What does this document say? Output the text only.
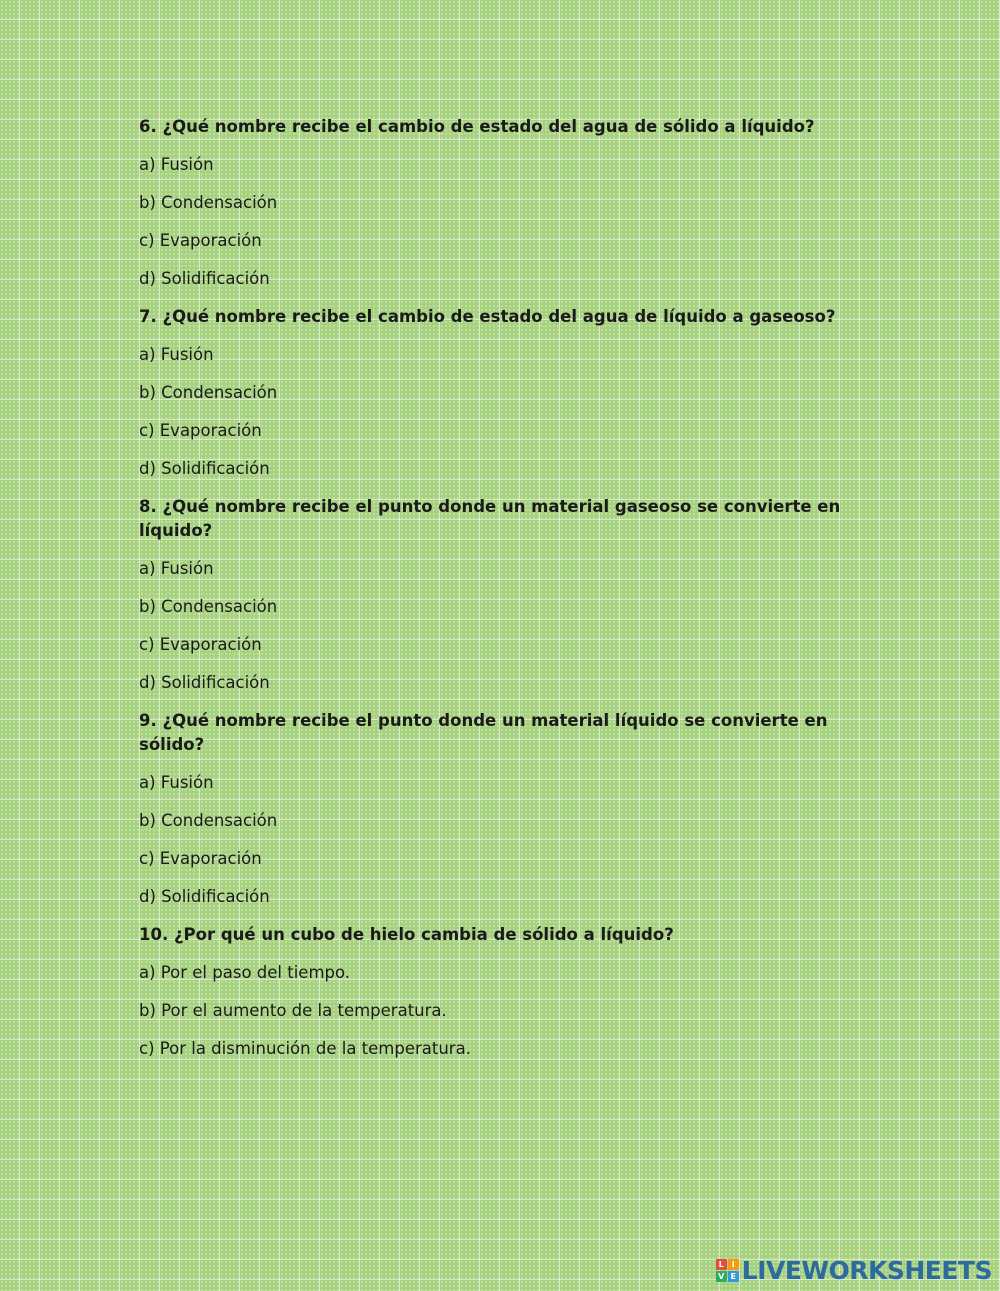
6. ¿Qué nombre recibe el cambio de estado del agua de sólido a líquido?
a) Fusión
b) Condensación
c) Evaporación
d) Solidificación
7. ¿Qué nombre recibe el cambio de estado del agua de líquido a gaseoso?
a) Fusión
b) Condensación
c) Evaporación
d) Solidificación
8. ¿Qué nombre recibe el punto donde un material gaseoso se convierte en líquido?
a) Fusión
b) Condensación
c) Evaporación
d) Solidificación
9. ¿Qué nombre recibe el punto donde un material líquido se convierte en sólido?
a) Fusión
b) Condensación
c) Evaporación
d) Solidificación
10. ¿Por qué un cubo de hielo cambia de sólido a líquido?
a) Por el paso del tiempo.
b) Por el aumento de la temperatura.
c) Por la disminución de la temperatura.
L I
V E LIVEWORKSHEETS
